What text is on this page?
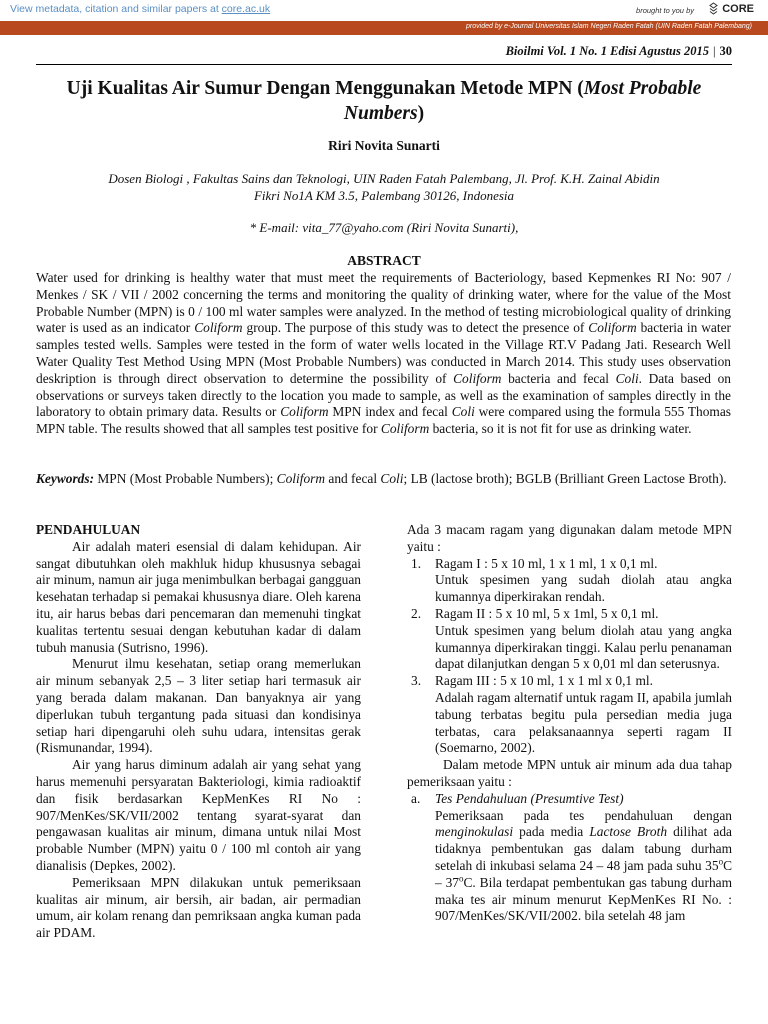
View metadata, citation and similar papers at core.ac.uk	brought to you by	CORE
provided by e-Journal Universitas Islam Negeri Raden Fatah (UIN Raden Fatah Palembang)
Bioilmi Vol. 1 No. 1 Edisi Agustus 2015 | 30
Uji Kualitas Air Sumur Dengan Menggunakan Metode MPN (Most Probable Numbers)
Riri Novita Sunarti
Dosen Biologi , Fakultas Sains dan Teknologi, UIN Raden Fatah Palembang, Jl. Prof. K.H. Zainal Abidin
Fikri No1A KM 3.5, Palembang 30126, Indonesia
* E-mail: vita_77@yaho.com (Riri Novita Sunarti),
ABSTRACT
Water used for drinking is healthy water that must meet the requirements of Bacteriology, based Kepmenkes RI No: 907 / Menkes / SK / VII / 2002 concerning the terms and monitoring the quality of drinking water, where for the value of the Most Probable Number (MPN) is 0 / 100 ml water samples were analyzed. In the method of testing microbiological quality of drinking water is used as an indicator Coliform group. The purpose of this study was to detect the presence of Coliform bacteria in water samples tested wells. Samples were tested in the form of water wells located in the Village RT.V Padang Jati. Research Well Water Quality Test Method Using MPN (Most Probable Numbers) was conducted in March 2014. This study uses observation deskription is through direct observation to determine the possibility of Coliform bacteria and fecal Coli. Data based on observations or surveys taken directly to the location you made to sample, as well as the examination of samples directly in the laboratory to obtain primary data. Results or Coliform MPN index and fecal Coli were compared using the formula 555 Thomas MPN table. The results showed that all samples test positive for Coliform bacteria, so it is not fit for use as drinking water.
Keywords: MPN (Most Probable Numbers); Coliform and fecal Coli; LB (lactose broth); BGLB (Brilliant Green Lactose Broth).

PENDAHULUAN

Air adalah materi esensial di dalam kehidupan. Air sangat dibutuhkan oleh makhluk hidup khususnya sebagai air minum, namun air juga menimbulkan berbagai gangguan kesehatan terhadap si pemakai khususnya diare. Oleh karena itu, air harus bebas dari pencemaran dan memenuhi tingkat kualitas tertentu sesuai dengan kebutuhan kadar di dalam tubuh manusia (Sutrisno, 1996).

Menurut ilmu kesehatan, setiap orang memerlukan air minum sebanyak 2,5 – 3 liter setiap hari termasuk air yang berada dalam makanan. Dan banyaknya air yang diperlukan tubuh tergantung pada situasi dan kondisinya setiap hari dipengaruhi oleh suhu udara, intensitas gerak (Rismunandar, 1994).

Air yang harus diminum adalah air yang sehat yang harus memenuhi persyaratan Bakteriologi, kimia radioaktif dan fisik berdasarkan KepMenKes RI No : 907/MenKes/SK/VII/2002 tentang syarat-syarat dan pengawasan kualitas air minum, dimana untuk nilai Most probable Number (MPN) yaitu 0 / 100 ml contoh air yang dianalisis (Depkes, 2002).

Pemeriksaan MPN dilakukan untuk pemeriksaan kualitas air minum, air bersih, air badan, air permadian umum, air kolam renang dan pemriksaan angka kuman pada air PDAM.

Ada 3 macam ragam yang digunakan dalam metode MPN yaitu :

1. Ragam I : 5 x 10 ml, 1 x 1 ml, 1 x 0,1 ml.

Untuk spesimen yang sudah diolah atau angka kumannya diperkirakan rendah.

2. Ragam II : 5 x 10 ml, 5 x 1ml, 5 x 0,1 ml.

Untuk spesimen yang belum diolah atau yang angka kumannya diperkirakan tinggi. Kalau perlu penanaman dapat dilanjutkan dengan 5 x 0,01 ml dan seterusnya.

3. Ragam III : 5 x 10 ml, 1 x 1 ml x 0,1 ml.

Adalah ragam alternatif untuk ragam II, apabila jumlah tabung terbatas begitu pula persedian media juga terbatas, cara pelaksanaannya seperti ragam II (Soemarno, 2002).

Dalam metode MPN untuk air minum ada dua tahap pemeriksaan yaitu :

a. Tes Pendahuluan (Presumtive Test)

Pemeriksaan pada tes pendahuluan dengan menginokulasi pada media Lactose Broth dilihat ada tidaknya pembentukan gas dalam tabung durham setelah di inkubasi selama 24 – 48 jam pada suhu 35$^o$C – 37$^o$C. Bila terdapat pembentukan gas tabung durham maka tes air minum menurut KepMenKes RI No. : 907/MenKes/SK/VII/2002. bila setelah 48 jam
